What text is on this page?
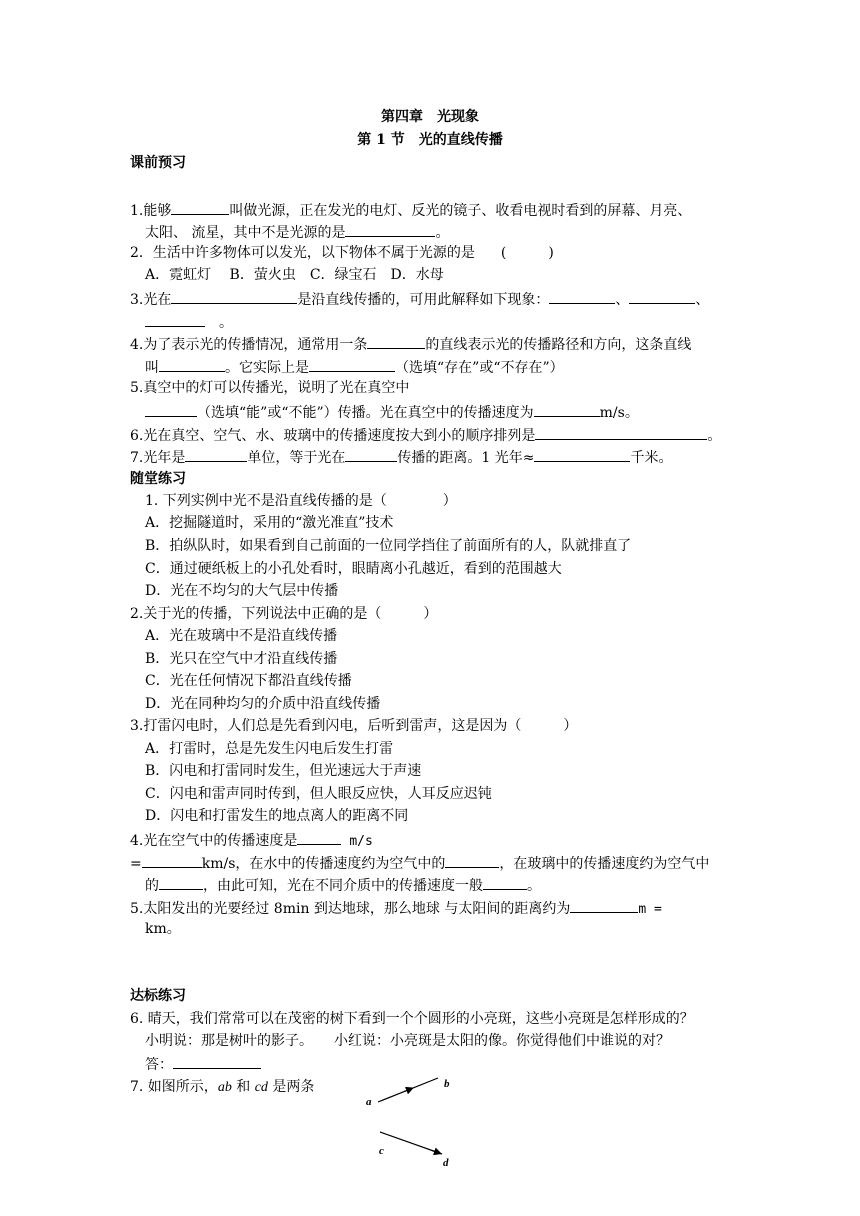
第四章　光现象
第 1 节　光的直线传播
课前预习
1.能够	叫做光源，正在发光的电灯、反光的镜子、收看电视时看到的屏幕、月亮、
太阳、 流星，其中不是光源的是	。
2．生活中许多物体可以发光，以下物体不属于光源的是 (　　　)
A．霓虹灯　 B．萤火虫　C．绿宝石　D．水母
3.光在	是沿直线传播的，可用此解释如下现象：	、	、
。
4.为了表示光的传播情况，通常用一条	的直线表示光的传播路径和方向，这条直线
叫	。它实际上是	（选填“存在”或“不存在”）
5.真空中的灯可以传播光，说明了光在真空中
（选填“能”或“不能”）传播。光在真空中的传播速度为	m/s。
6.光在真空、空气、水、玻璃中的传播速度按大到小的顺序排列是	。
7.光年是	单位，等于光在	传播的距离。1 光年≈	千米。
随堂练习
1. 下列实例中光不是沿直线传播的是（　　　　）
A．挖掘隧道时，采用的“激光准直”技术
B．拍纵队时，如果看到自己前面的一位同学挡住了前面所有的人，队就排直了
C．通过硬纸板上的小孔处看时，眼睛离小孔越近，看到的范围越大
D．光在不均匀的大气层中传播
2.关于光的传播，下列说法中正确的是（　　　）
A．光在玻璃中不是沿直线传播
B．光只在空气中才沿直线传播
C．光在任何情况下都沿直线传播
D．光在同种均匀的介质中沿直线传播
3.打雷闪电时，人们总是先看到闪电，后听到雷声，这是因为（　　　）
A．打雷时，总是先发生闪电后发生打雷
B．闪电和打雷同时发生，但光速远大于声速
C．闪电和雷声同时传到，但人眼反应快，人耳反应迟钝
D．闪电和打雷发生的地点离人的距离不同
4.光在空气中的传播速度是	m/s
=	km/s，在水中的传播速度约为空气中的	，在玻璃中的传播速度约为空气中
的	，由此可知，光在不同介质中的传播速度一般	。
5.太阳发出的光要经过 8min 到达地球，那么地球 与太阳间的距离约为	m =
km。
达标练习
6. 晴天，我们常常可以在茂密的树下看到一个个圆形的小亮斑，这些小亮斑是怎样形成的？
小明说：那是树叶的影子。　　小红说：小亮斑是太阳的像。你觉得他们中谁说的对？
答：
7. 如图所示，ab 和 cd 是两条
a
b
c
d
